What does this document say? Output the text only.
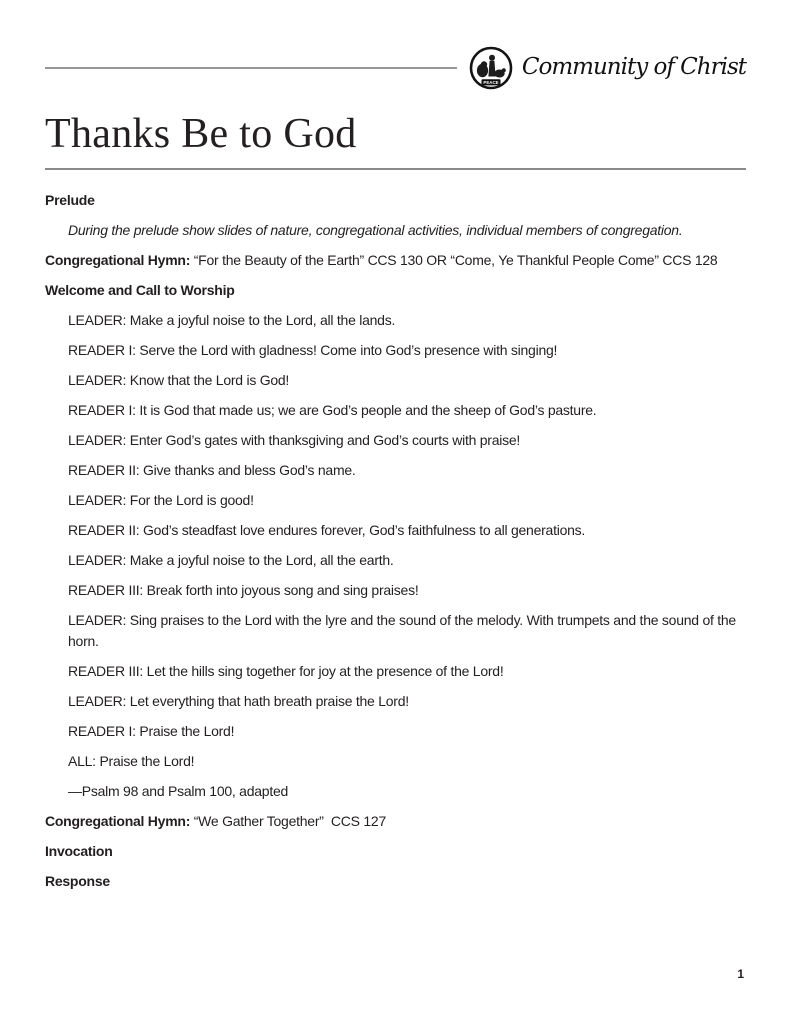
PEACE
Community of Christ
Thanks Be to God

Prelude

During the prelude show slides of nature, congregational activities, individual members of congregation.

Congregational Hymn: “For the Beauty of the Earth” CCS 130 OR “Come, Ye Thankful People Come” CCS 128

Welcome and Call to Worship

LEADER: Make a joyful noise to the Lord, all the lands.

READER I: Serve the Lord with gladness! Come into God’s presence with singing!

LEADER: Know that the Lord is God!

READER I: It is God that made us; we are God’s people and the sheep of God’s pasture.

LEADER: Enter God’s gates with thanksgiving and God’s courts with praise!

READER II: Give thanks and bless God’s name.

LEADER: For the Lord is good!

READER II: God’s steadfast love endures forever, God’s faithfulness to all generations.

LEADER: Make a joyful noise to the Lord, all the earth.

READER III: Break forth into joyous song and sing praises!

LEADER: Sing praises to the Lord with the lyre and the sound of the melody. With trumpets and the sound of the horn.

READER III: Let the hills sing together for joy at the presence of the Lord!

LEADER: Let everything that hath breath praise the Lord!

READER I: Praise the Lord!

ALL: Praise the Lord!

—Psalm 98 and Psalm 100, adapted

Congregational Hymn: “We Gather Together”  CCS 127

Invocation

Response

1
